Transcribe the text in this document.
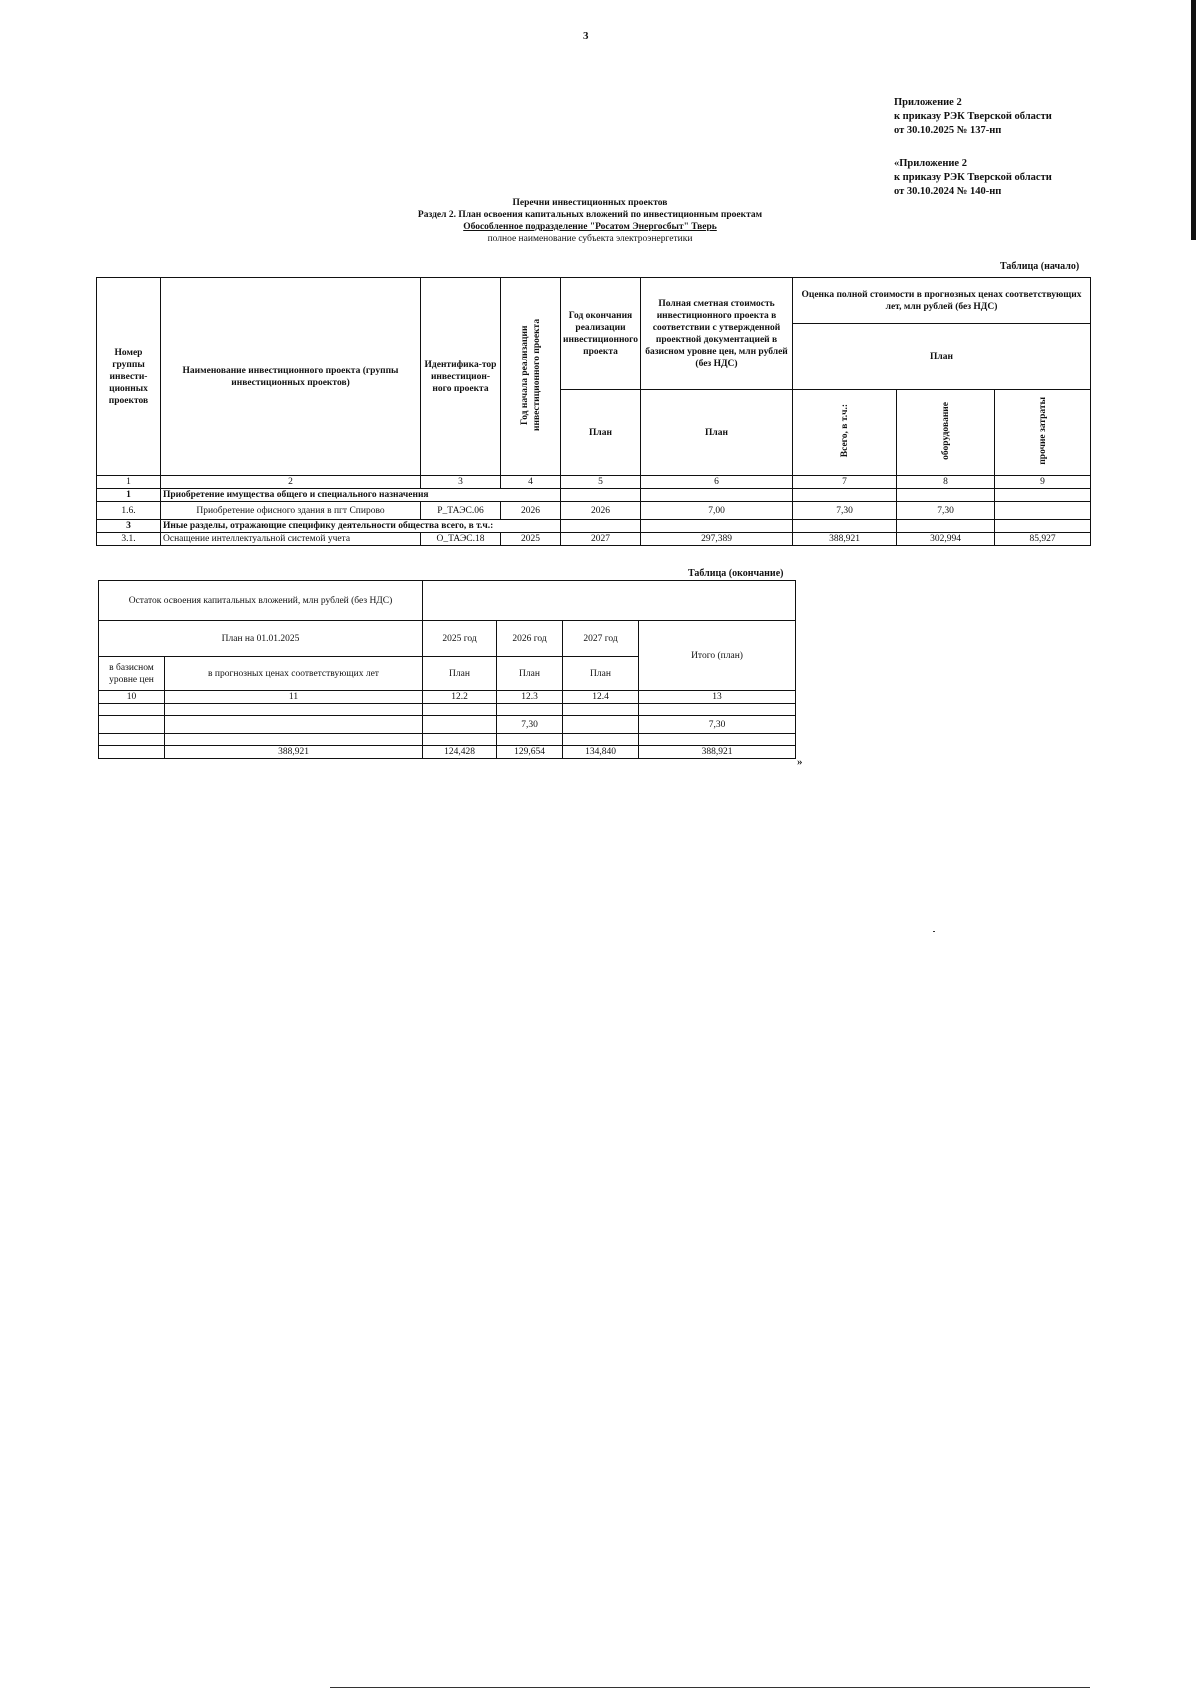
3
Приложение 2
к приказу РЭК Тверской области
от 30.10.2025 № 137-нп
«Приложение 2
к приказу РЭК Тверской области
от 30.10.2024 № 140-нп
Перечни инвестиционных проектов
Раздел 2. План освоения капитальных вложений по инвестиционным проектам
Обособленное подразделение "Росатом Энергосбыт" Тверь
полное наименование субъекта электроэнергетики
Таблица (начало)
Номер группы инвести-ционных проектов	Наименование инвестиционного проекта (группы инвестиционных проектов)	Идентифика-тор инвестицион-ного проекта	Год начала реализации инвестиционного проекта	Год окончания реализации инвестиционного проекта	Полная сметная стоимость инвестиционного проекта в соответствии с утвержденной проектной документацией в базисном уровне цен, млн рублей (без НДС)	Оценка полной стоимости в прогнозных ценах соответствующих лет, млн рублей (без НДС)		
						План		
				План	План	Всего, в т.ч.:	оборудование	прочие затраты
1	2	3	4	5	6	7	8	9
1	Приобретение имущества общего и специального назначения							
1.6.	Приобретение офисного здания в пгт Спирово	Р_ТАЭС.06	2026	2026	7,00	7,30	7,30	
3	Иные разделы, отражающие специфику деятельности общества всего, в т.ч.:							
3.1.	Оснащение интеллектуальной системой учета	О_ТАЭС.18	2025	2027	297,389	388,921	302,994	85,927
Таблица (окончание)
Остаток освоения капитальных вложений, млн рублей (без НДС)					
План на 01.01.2025		2025 год	2026 год	2027 год	Итого (план)
в базисном уровне цен	в прогнозных ценах соответствующих лет	План	План	План	
10	11	12.2	12.3	12.4	13

			7,30		7,30

	388,921	124,428	129,654	134,840	388,921
»
